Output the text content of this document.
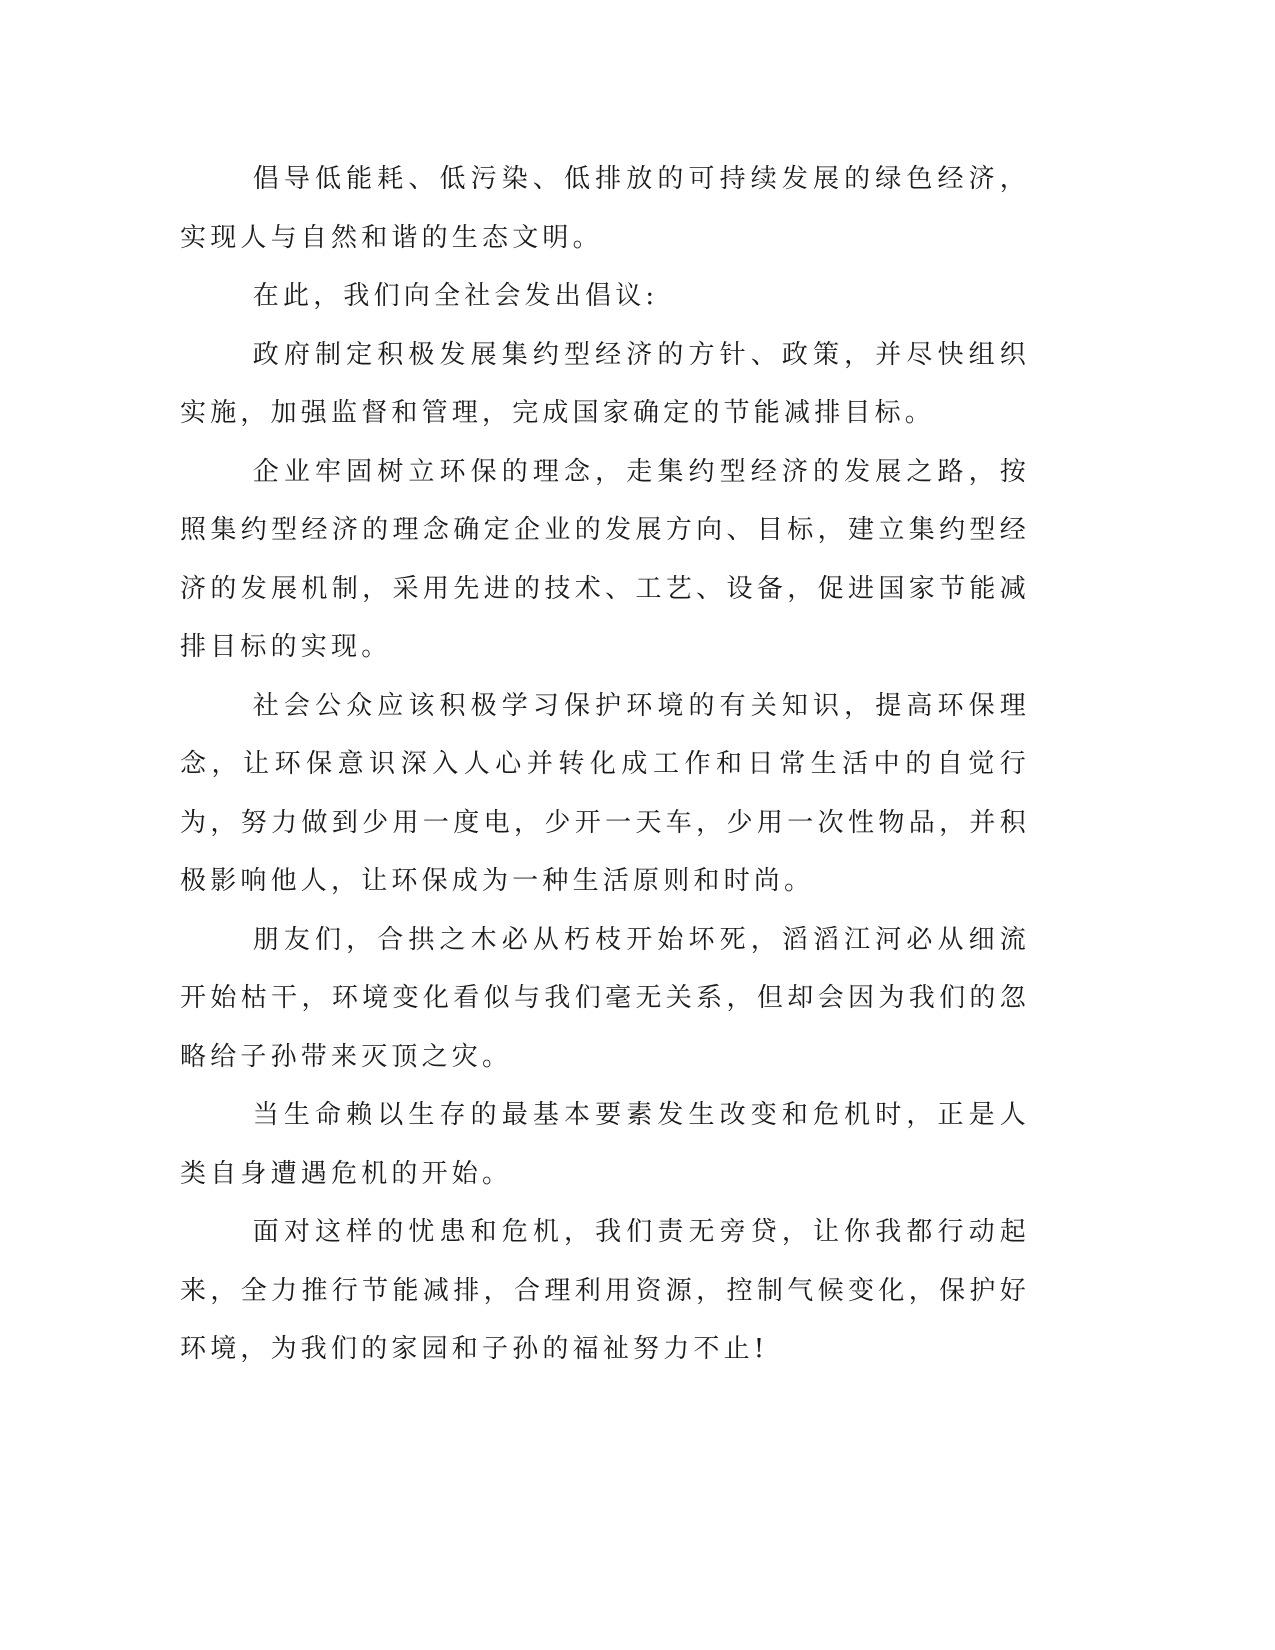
倡导低能耗、低污染、低排放的可持续发展的绿色经济，实现人与自然和谐的生态文明。

在此，我们向全社会发出倡议:

政府制定积极发展集约型经济的方针、政策，并尽快组织实施，加强监督和管理，完成国家确定的节能减排目标。

企业牢固树立环保的理念，走集约型经济的发展之路，按照集约型经济的理念确定企业的发展方向、目标，建立集约型经济的发展机制，采用先进的技术、工艺、设备，促进国家节能减排目标的实现。

社会公众应该积极学习保护环境的有关知识，提高环保理念，让环保意识深入人心并转化成工作和日常生活中的自觉行为，努力做到少用一度电，少开一天车，少用一次性物品，并积极影响他人，让环保成为一种生活原则和时尚。

朋友们，合拱之木必从朽枝开始坏死，滔滔江河必从细流开始枯干，环境变化看似与我们毫无关系，但却会因为我们的忽略给子孙带来灭顶之灾。

当生命赖以生存的最基本要素发生改变和危机时，正是人类自身遭遇危机的开始。

面对这样的忧患和危机，我们责无旁贷，让你我都行动起来，全力推行节能减排，合理利用资源，控制气候变化，保护好环境，为我们的家园和子孙的福祉努力不止!
